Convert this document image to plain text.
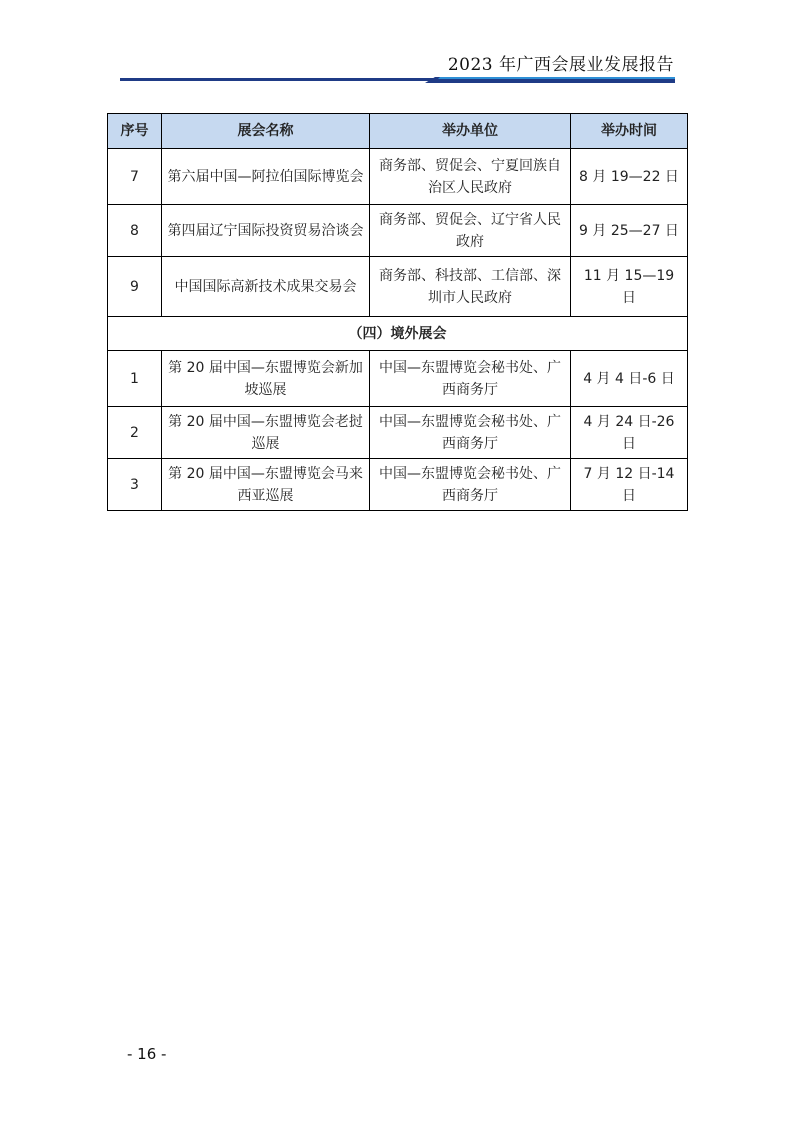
2023 年广西会展业发展报告
序号	展会名称	举办单位	举办时间
7	第六届中国—阿拉伯国际博览会	商务部、贸促会、宁夏回族自治区人民政府	8 月 19—22 日
8	第四届辽宁国际投资贸易洽谈会	商务部、贸促会、辽宁省人民政府	9 月 25—27 日
9	中国国际高新技术成果交易会	商务部、科技部、工信部、深圳市人民政府	11 月 15—19 日
（四）境外展会			
1	第 20 届中国—东盟博览会新加坡巡展	中国—东盟博览会秘书处、广西商务厅	4 月 4 日-6 日
2	第 20 届中国—东盟博览会老挝巡展	中国—东盟博览会秘书处、广西商务厅	4 月 24 日-26 日
3	第 20 届中国—东盟博览会马来西亚巡展	中国—东盟博览会秘书处、广西商务厅	7 月 12 日-14 日
- 16 -
